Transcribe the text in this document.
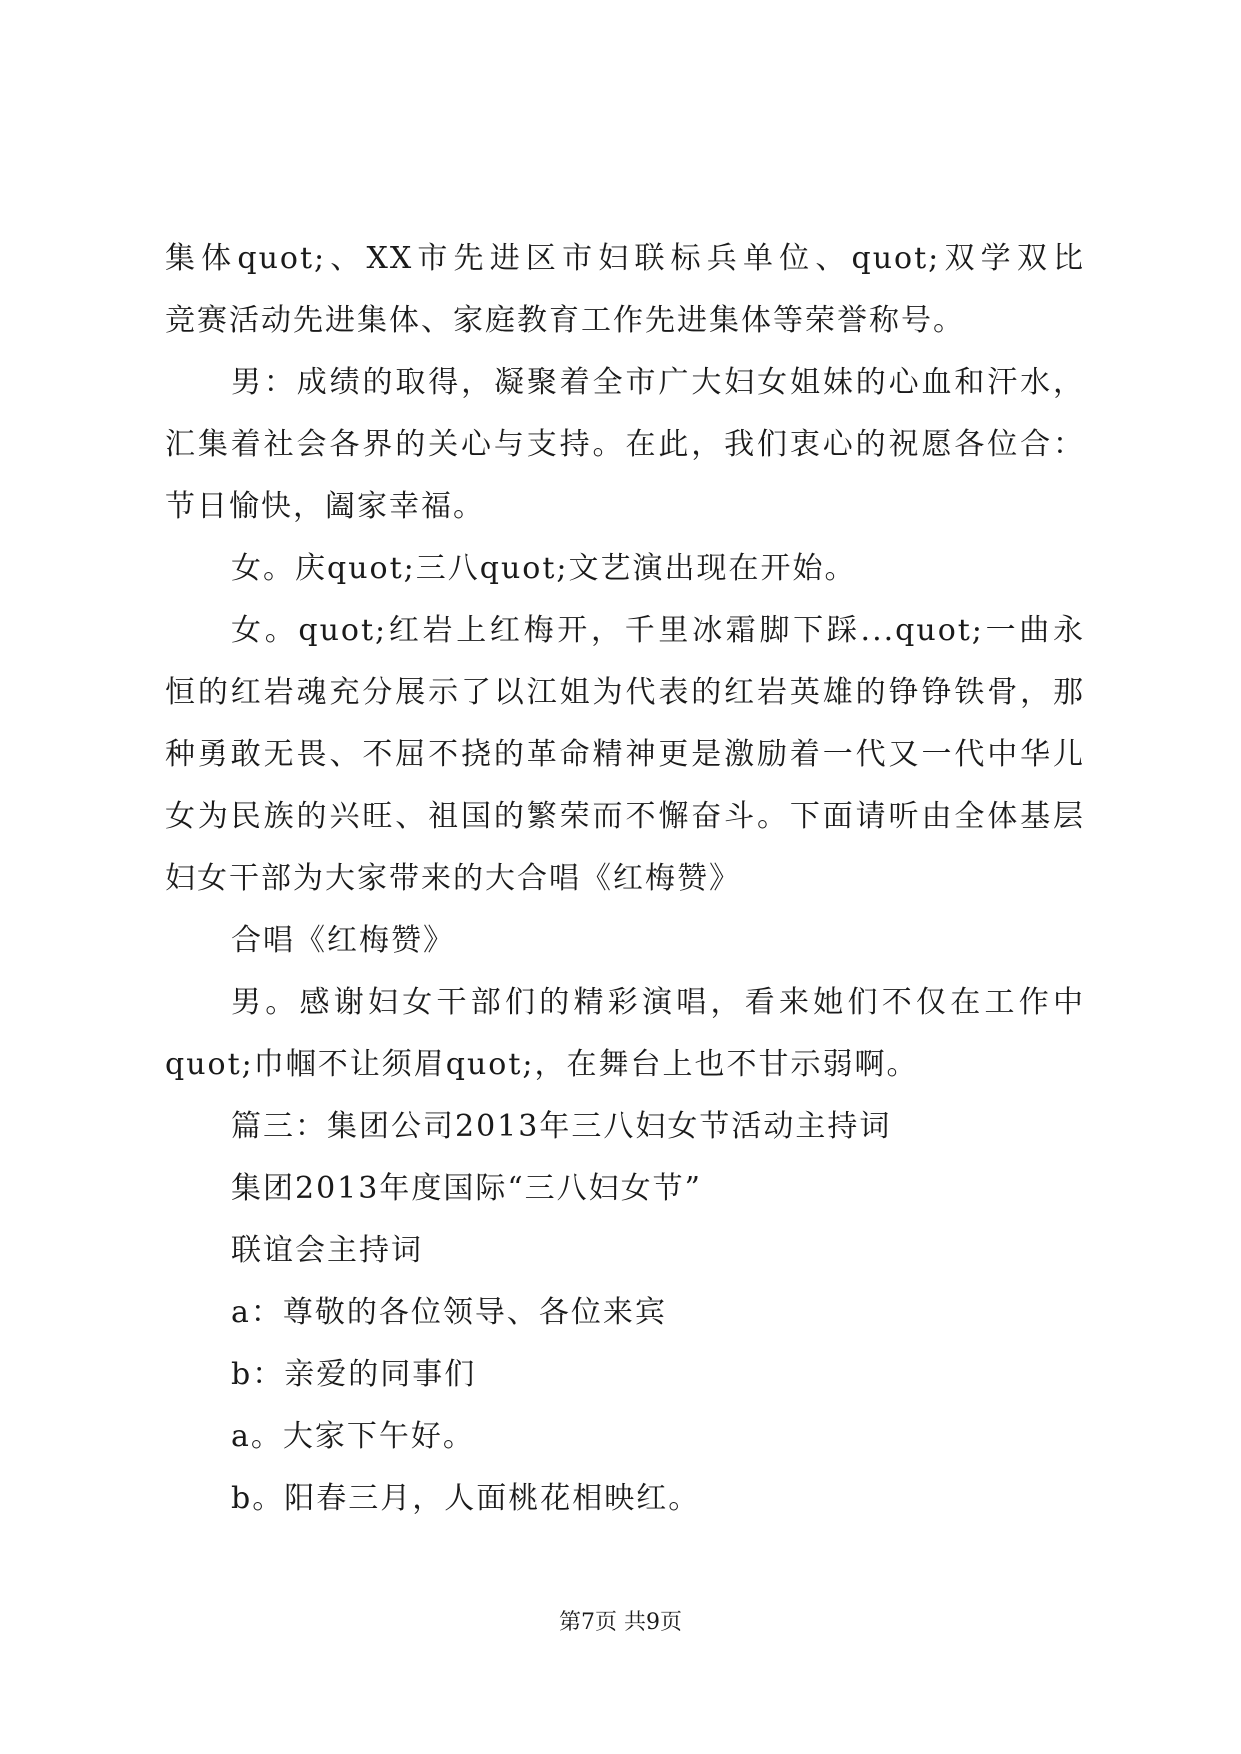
集体quot;、XX市先进区市妇联标兵单位、quot;双学双比
竞赛活动先进集体、家庭教育工作先进集体等荣誉称号。
男：成绩的取得，凝聚着全市广大妇女姐妹的心血和汗水，
汇集着社会各界的关心与支持。在此，我们衷心的祝愿各位合：
节日愉快，阖家幸福。
女。庆quot;三八quot;文艺演出现在开始。
女。quot;红岩上红梅开，千里冰霜脚下踩...quot;一曲永
恒的红岩魂充分展示了以江姐为代表的红岩英雄的铮铮铁骨，那
种勇敢无畏、不屈不挠的革命精神更是激励着一代又一代中华儿
女为民族的兴旺、祖国的繁荣而不懈奋斗。下面请听由全体基层
妇女干部为大家带来的大合唱《红梅赞》
合唱《红梅赞》
男。感谢妇女干部们的精彩演唱，看来她们不仅在工作中
quot;巾帼不让须眉quot;，在舞台上也不甘示弱啊。
篇三：集团公司2013年三八妇女节活动主持词
集团2013年度国际“三八妇女节”
联谊会主持词
a：尊敬的各位领导、各位来宾
b：亲爱的同事们
a。大家下午好。
b。阳春三月，人面桃花相映红。
第7页 共9页
